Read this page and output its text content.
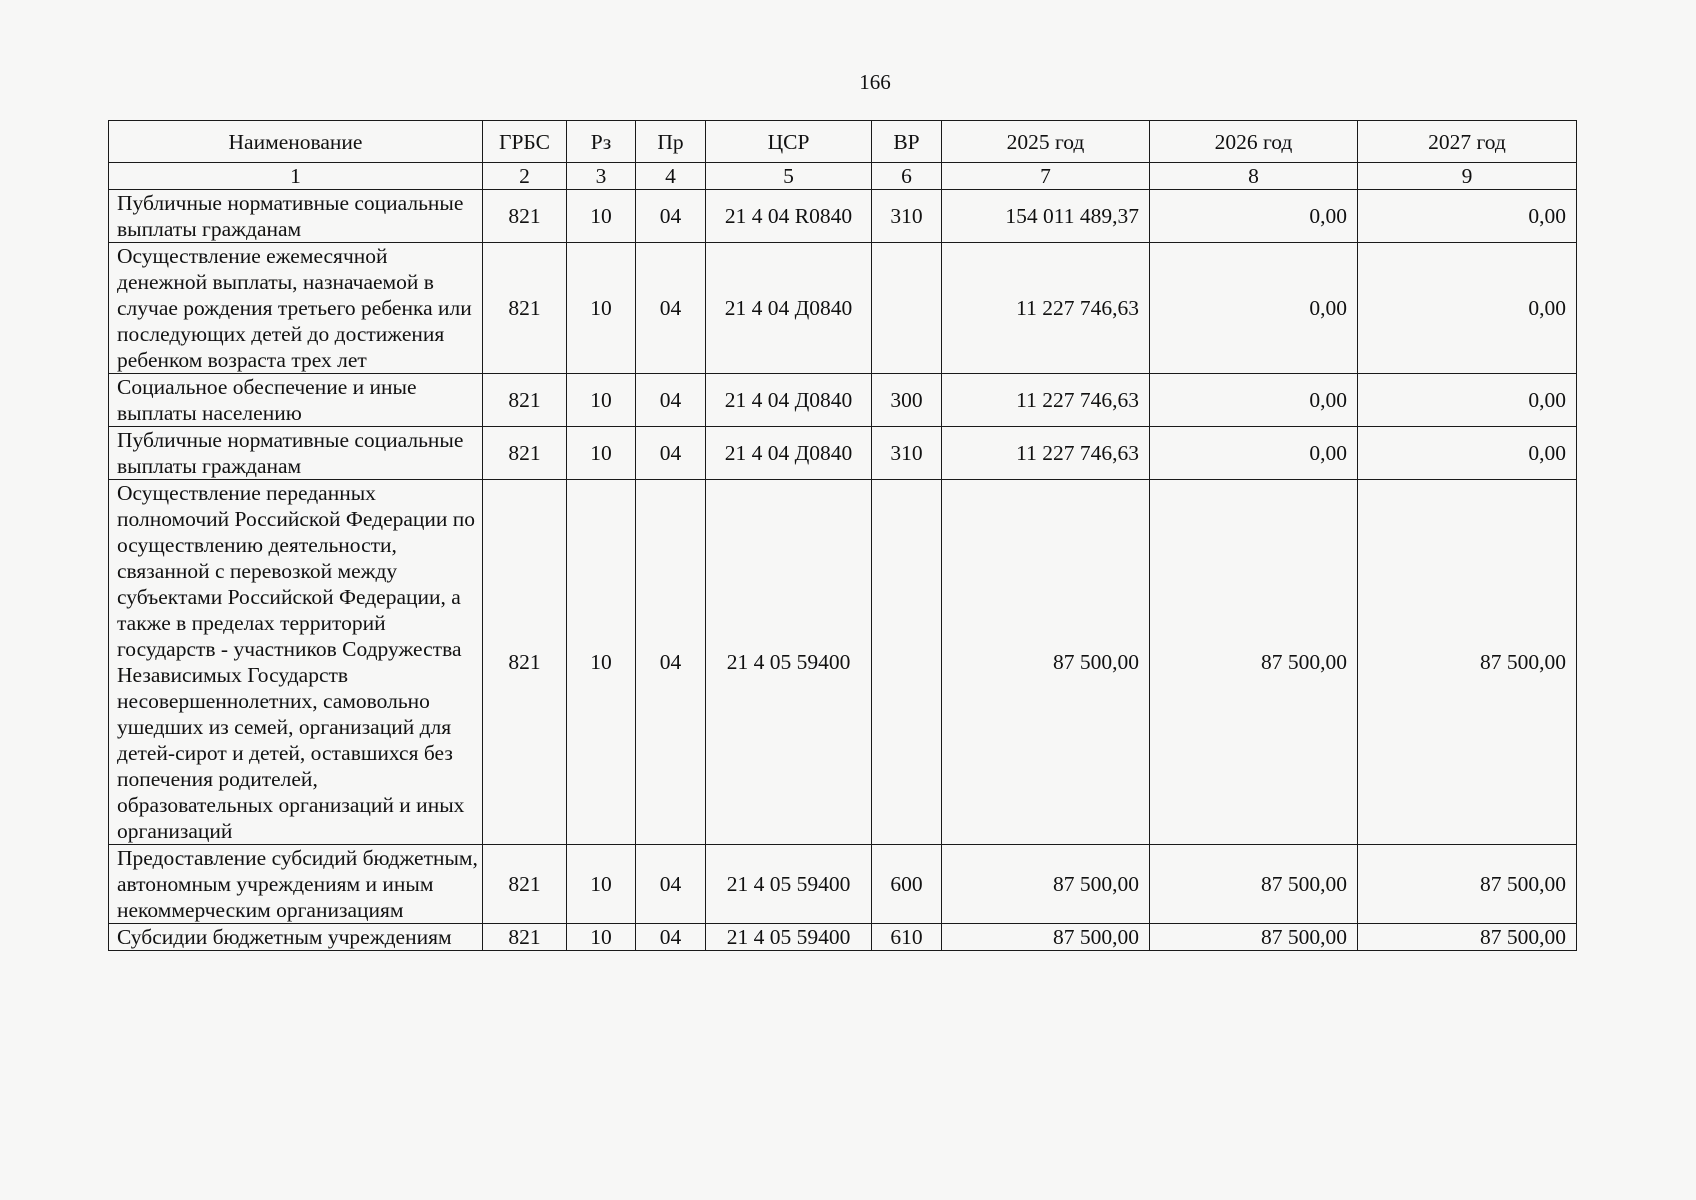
166
Наименование	ГРБС	Рз	Пр	ЦСР	ВР	2025 год	2026 год	2027 год
1	2	3	4	5	6	7	8	9
Публичные нормативные социальные выплаты гражданам	821	10	04	21 4 04 R0840	310	154 011 489,37	0,00	0,00
Осуществление ежемесячной денежной выплаты, назначаемой в случае рождения третьего ребенка или последующих детей до достижения ребенком возраста трех лет	821	10	04	21 4 04 Д0840		11 227 746,63	0,00	0,00
Социальное обеспечение и иные выплаты населению	821	10	04	21 4 04 Д0840	300	11 227 746,63	0,00	0,00
Публичные нормативные социальные выплаты гражданам	821	10	04	21 4 04 Д0840	310	11 227 746,63	0,00	0,00
Осуществление переданных полномочий Российской Федерации по осуществлению деятельности, связанной с перевозкой между субъектами Российской Федерации, а также в пределах территорий государств - участников Содружества Независимых Государств несовершеннолетних, самовольно ушедших из семей, организаций для детей-сирот и детей, оставшихся без попечения родителей, образовательных организаций и иных организаций	821	10	04	21 4 05 59400		87 500,00	87 500,00	87 500,00
Предоставление субсидий бюджетным, автономным учреждениям и иным некоммерческим организациям	821	10	04	21 4 05 59400	600	87 500,00	87 500,00	87 500,00
Субсидии бюджетным учреждениям	821	10	04	21 4 05 59400	610	87 500,00	87 500,00	87 500,00
